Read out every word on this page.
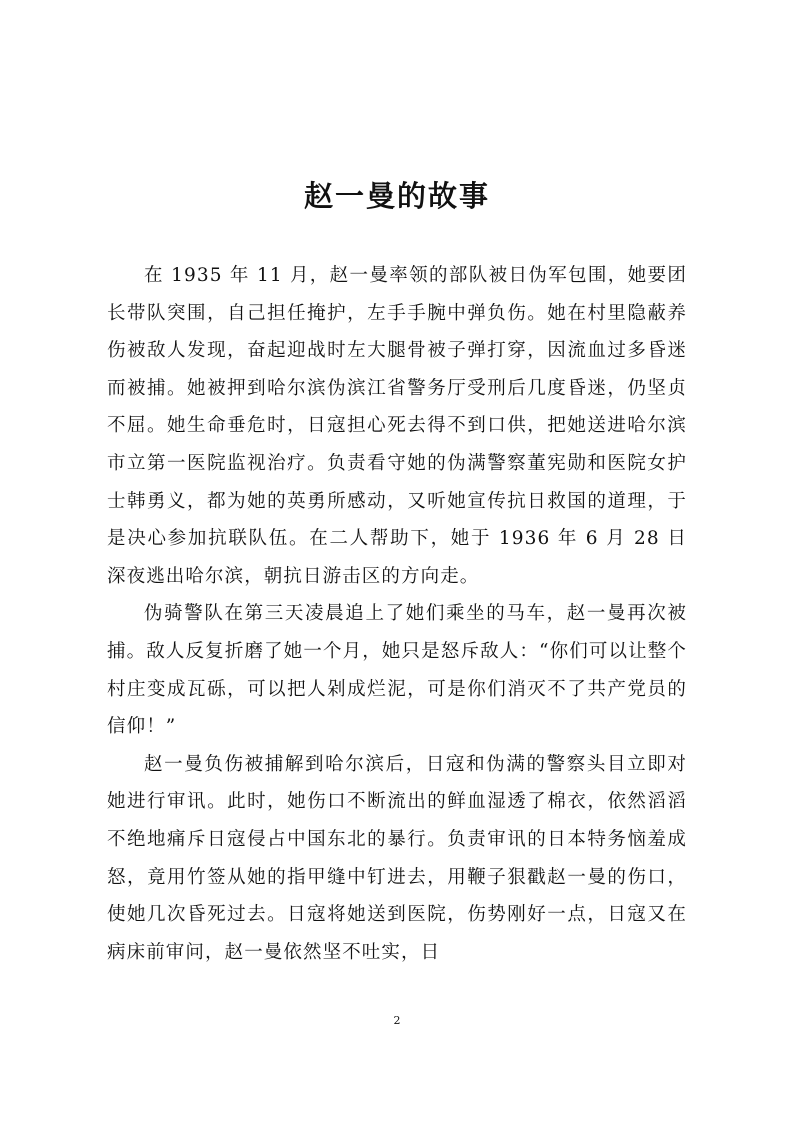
赵一曼的故事

在 1935 年 11 月，赵一曼率领的部队被日伪军包围，她要团长带队突围，自己担任掩护，左手手腕中弹负伤。她在村里隐蔽养伤被敌人发现，奋起迎战时左大腿骨被子弹打穿，因流血过多昏迷而被捕。她被押到哈尔滨伪滨江省警务厅受刑后几度昏迷，仍坚贞不屈。她生命垂危时，日寇担心死去得不到口供，把她送进哈尔滨市立第一医院监视治疗。负责看守她的伪满警察董宪勋和医院女护士韩勇义，都为她的英勇所感动，又听她宣传抗日救国的道理，于是决心参加抗联队伍。在二人帮助下，她于 1936 年 6 月 28 日深夜逃出哈尔滨，朝抗日游击区的方向走。

伪骑警队在第三天凌晨追上了她们乘坐的马车，赵一曼再次被捕。敌人反复折磨了她一个月，她只是怒斥敌人：“你们可以让整个村庄变成瓦砾，可以把人剁成烂泥，可是你们消灭不了共产党员的信仰！”

赵一曼负伤被捕解到哈尔滨后，日寇和伪满的警察头目立即对她进行审讯。此时，她伤口不断流出的鲜血湿透了棉衣，依然滔滔不绝地痛斥日寇侵占中国东北的暴行。负责审讯的日本特务恼羞成怒，竟用竹签从她的指甲缝中钉进去，用鞭子狠戳赵一曼的伤口，使她几次昏死过去。日寇将她送到医院，伤势刚好一点，日寇又在病床前审问，赵一曼依然坚不吐实，日

2
